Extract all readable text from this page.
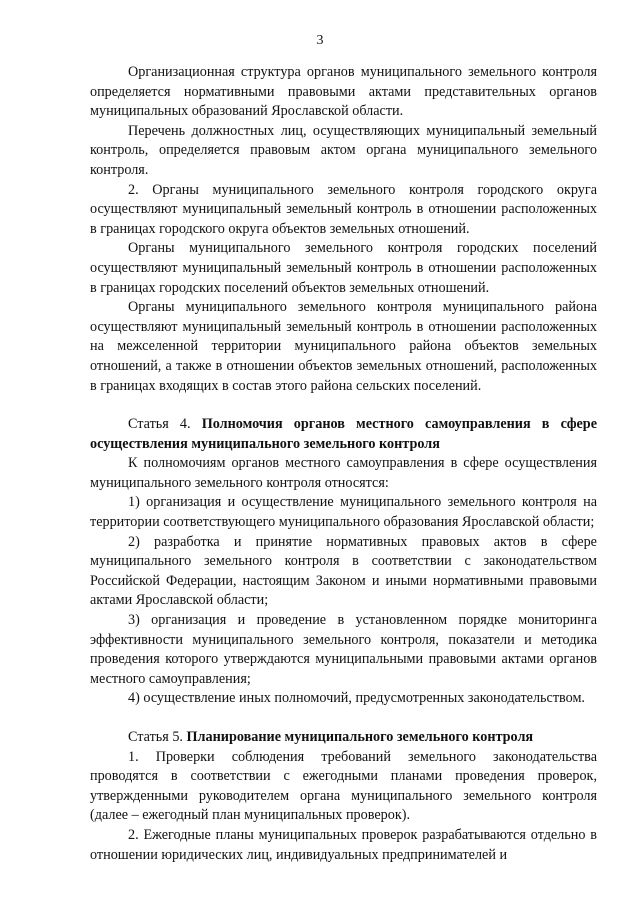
3

Организационная структура органов муниципального земельного контроля определяется нормативными правовыми актами представительных органов муниципальных образований Ярославской области.

Перечень должностных лиц, осуществляющих муниципальный земельный контроль, определяется правовым актом органа муниципального земельного контроля.

2. Органы муниципального земельного контроля городского округа осуществляют муниципальный земельный контроль в отношении расположенных в границах городского округа объектов земельных отношений.

Органы муниципального земельного контроля городских поселений осуществляют муниципальный земельный контроль в отношении расположенных в границах городских поселений объектов земельных отношений.

Органы муниципального земельного контроля муниципального района осуществляют муниципальный земельный контроль в отношении расположенных на межселенной территории муниципального района объектов земельных отношений, а также в отношении объектов земельных отношений, расположенных в границах входящих в состав этого района сельских поселений.

Статья 4. Полномочия органов местного самоуправления в сфере осуществления муниципального земельного контроля

К полномочиям органов местного самоуправления в сфере осуществления муниципального земельного контроля относятся:

1) организация и осуществление муниципального земельного контроля на территории соответствующего муниципального образования Ярославской области;

2) разработка и принятие нормативных правовых актов в сфере муниципального земельного контроля в соответствии с законодательством Российской Федерации, настоящим Законом и иными нормативными правовыми актами Ярославской области;

3) организация и проведение в установленном порядке мониторинга эффективности муниципального земельного контроля, показатели и методика проведения которого утверждаются муниципальными правовыми актами органов местного самоуправления;

4) осуществление иных полномочий, предусмотренных законодательством.

Статья 5. Планирование муниципального земельного контроля

1. Проверки соблюдения требований земельного законодательства проводятся в соответствии с ежегодными планами проведения проверок, утвержденными руководителем органа муниципального земельного контроля (далее – ежегодный план муниципальных проверок).

2. Ежегодные планы муниципальных проверок разрабатываются отдельно в отношении юридических лиц, индивидуальных предпринимателей и
